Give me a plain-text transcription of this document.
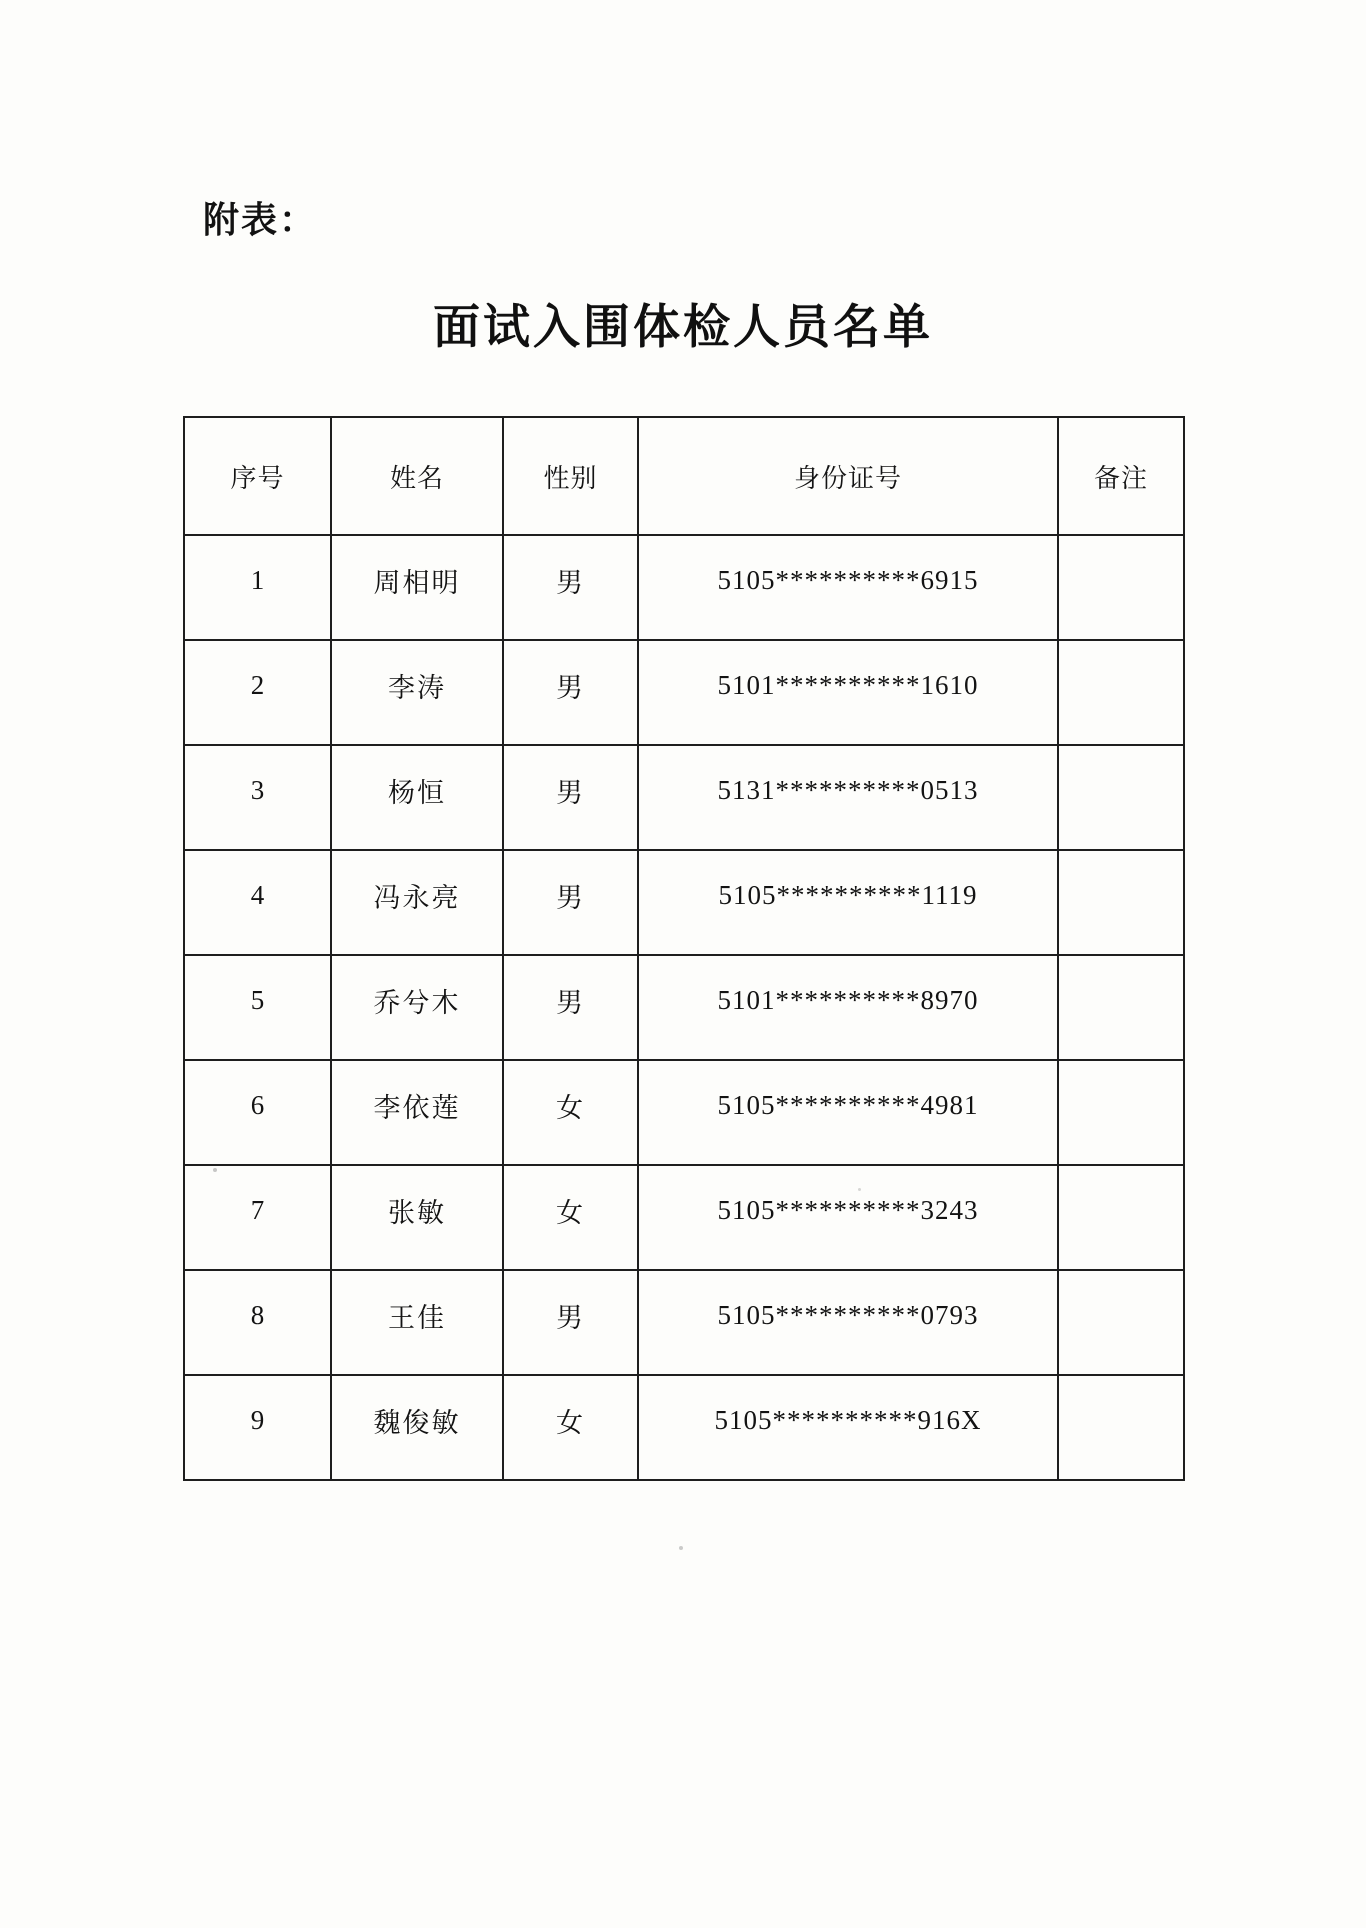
附表：
面试入围体检人员名单
序号	姓名	性别	身份证号	备注
1	周相明	男	5105**********6915	
2	李涛	男	5101**********1610	
3	杨恒	男	5131**********0513	
4	冯永亮	男	5105**********1119	
5	乔兮木	男	5101**********8970	
6	李依莲	女	5105**********4981	
7	张敏	女	5105**********3243	
8	王佳	男	5105**********0793	
9	魏俊敏	女	5105**********916X	
